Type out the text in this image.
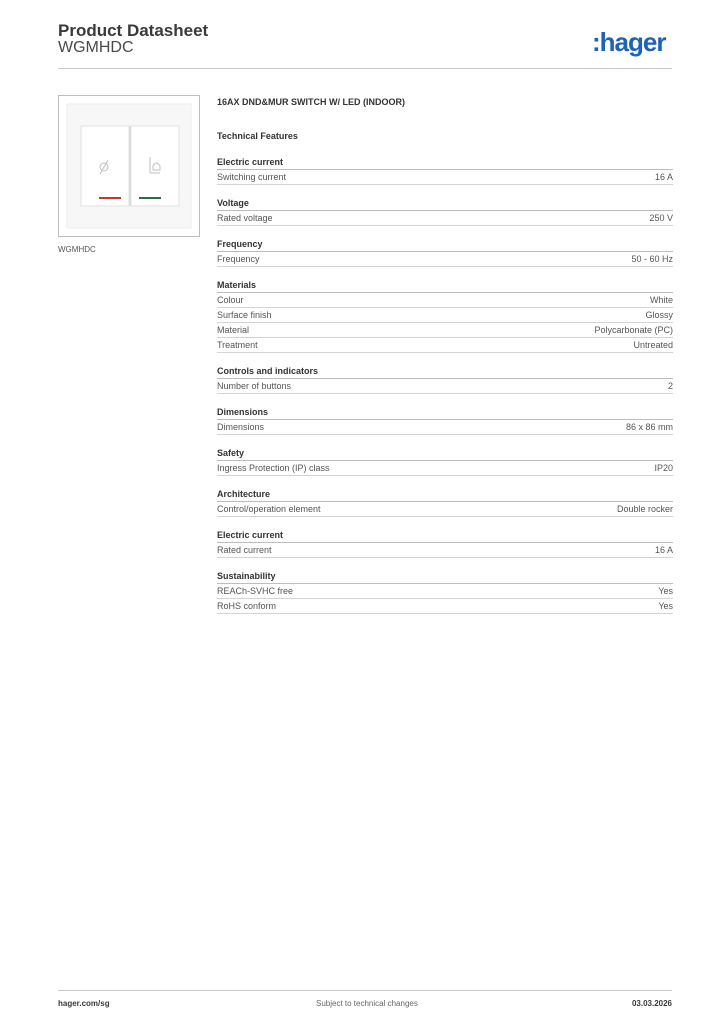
Product Datasheet
WGMHDC	:hager
WGMHDC
16AX DND&MUR SWITCH W/ LED (INDOOR)
Technical Features
Electric current
Switching current	16 A
Voltage
Rated voltage	250 V
Frequency
Frequency	50 - 60 Hz
Materials
Colour	White
Surface finish	Glossy
Material	Polycarbonate (PC)
Treatment	Untreated
Controls and indicators
Number of buttons	2
Dimensions
Dimensions	86 x 86 mm
Safety
Ingress Protection (IP) class	IP20
Architecture
Control/operation element	Double rocker
Electric current
Rated current	16 A
Sustainability
REACh-SVHC free	Yes
RoHS conform	Yes
hager.com/sg	Subject to technical changes	03.03.2026
